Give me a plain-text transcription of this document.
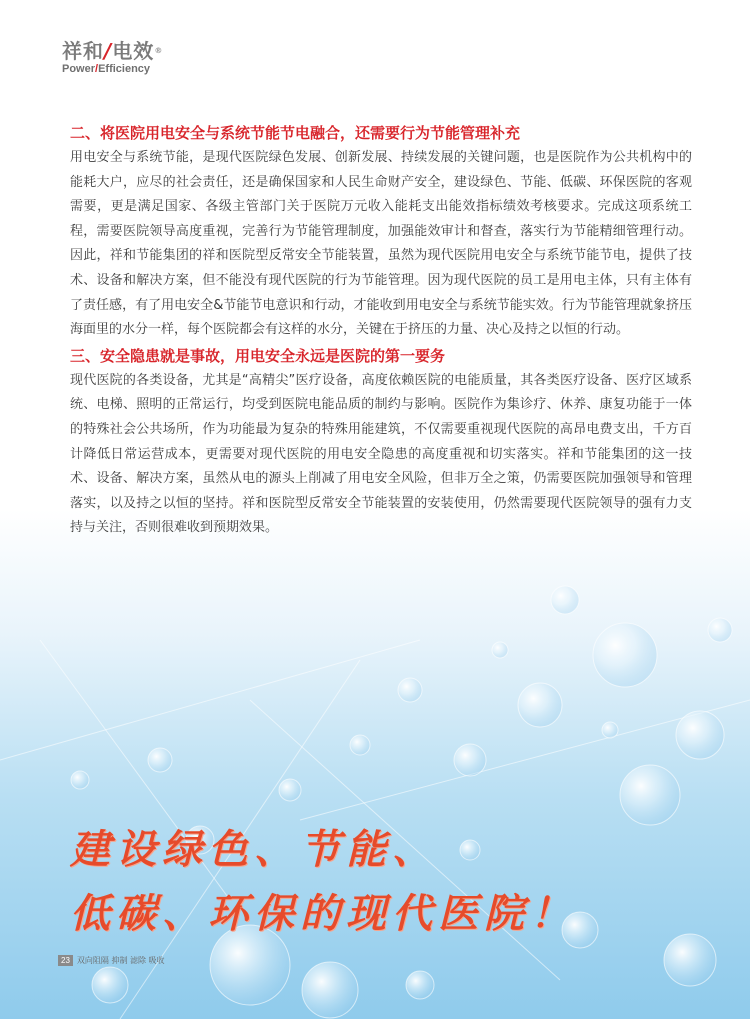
祥和/电效®
Power/Efficiency
二、将医院用电安全与系统节能节电融合，还需要行为节能管理补充

用电安全与系统节能，是现代医院绿色发展、创新发展、持续发展的关键问题，也是医院作为公共机构中的能耗大户，应尽的社会责任，还是确保国家和人民生命财产安全，建设绿色、节能、低碳、环保医院的客观需要，更是满足国家、各级主管部门关于医院万元收入能耗支出能效指标绩效考核要求。完成这项系统工程，需要医院领导高度重视，完善行为节能管理制度，加强能效审计和督查，落实行为节能精细管理行动。因此，祥和节能集团的祥和医院型反常安全节能装置，虽然为现代医院用电安全与系统节能节电，提供了技术、设备和解决方案，但不能没有现代医院的行为节能管理。因为现代医院的员工是用电主体，只有主体有了责任感，有了用电安全&节能节电意识和行动，才能收到用电安全与系统节能实效。行为节能管理就象挤压海面里的水分一样，每个医院都会有这样的水分，关键在于挤压的力量、决心及持之以恒的行动。

三、安全隐患就是事故，用电安全永远是医院的第一要务

现代医院的各类设备，尤其是“高精尖”医疗设备，高度依赖医院的电能质量，其各类医疗设备、医疗区域系统、电梯、照明的正常运行，均受到医院电能品质的制约与影响。医院作为集诊疗、休养、康复功能于一体的特殊社会公共场所，作为功能最为复杂的特殊用能建筑，不仅需要重视现代医院的高昂电费支出，千方百计降低日常运营成本，更需要对现代医院的用电安全隐患的高度重视和切实落实。祥和节能集团的这一技术、设备、解决方案，虽然从电的源头上削减了用电安全风险，但非万全之策，仍需要医院加强领导和管理落实，以及持之以恒的坚持。祥和医院型反常安全节能装置的安装使用，仍然需要现代医院领导的强有力支持与关注，否则很难收到预期效果。

建设绿色、节能、
低碳、环保的现代医院！
23 双向阻隔 抑制 滤除 吸收
